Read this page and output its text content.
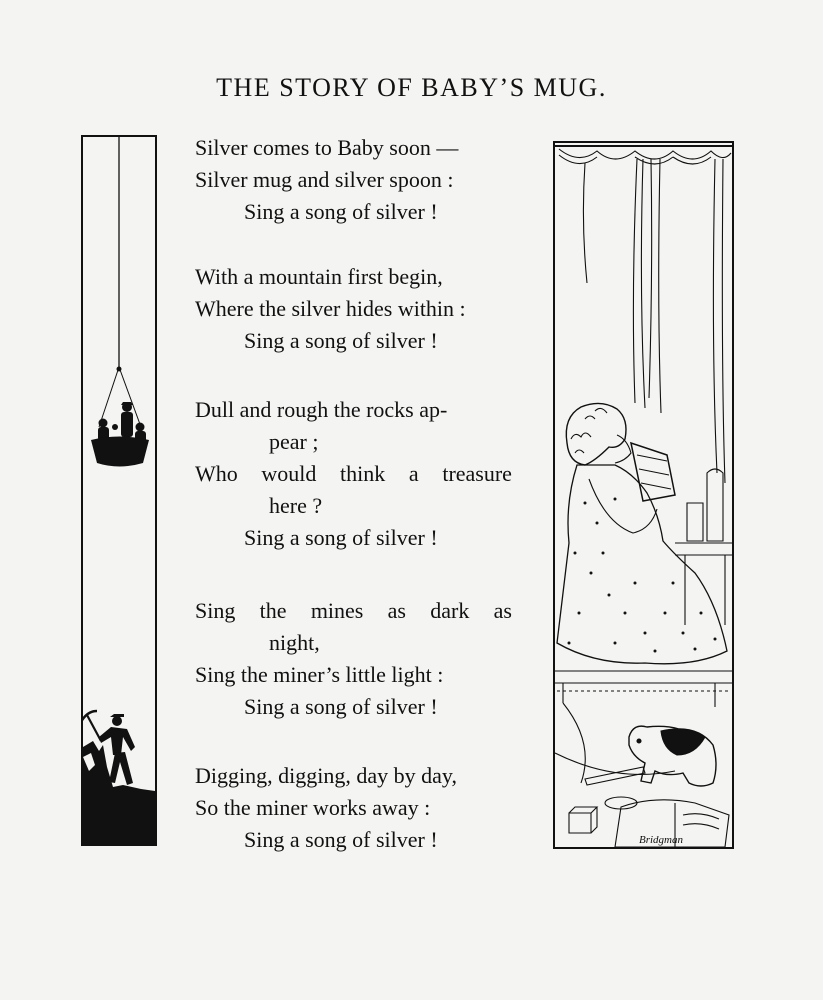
THE STORY OF BABY’S MUG.
Silver comes to Baby soon —
Silver mug and silver spoon :
Sing a song of silver !
With a mountain first begin,
Where the silver hides within :
Sing a song of silver !
Dull and rough the rocks ap-
pear ;
Who would think a treasure
here ?
Sing a song of silver !
Sing the mines as dark as
night,
Sing the miner’s little light :
Sing a song of silver !
Digging, digging, day by day,
So the miner works away :
Sing a song of silver !	Bridgman
